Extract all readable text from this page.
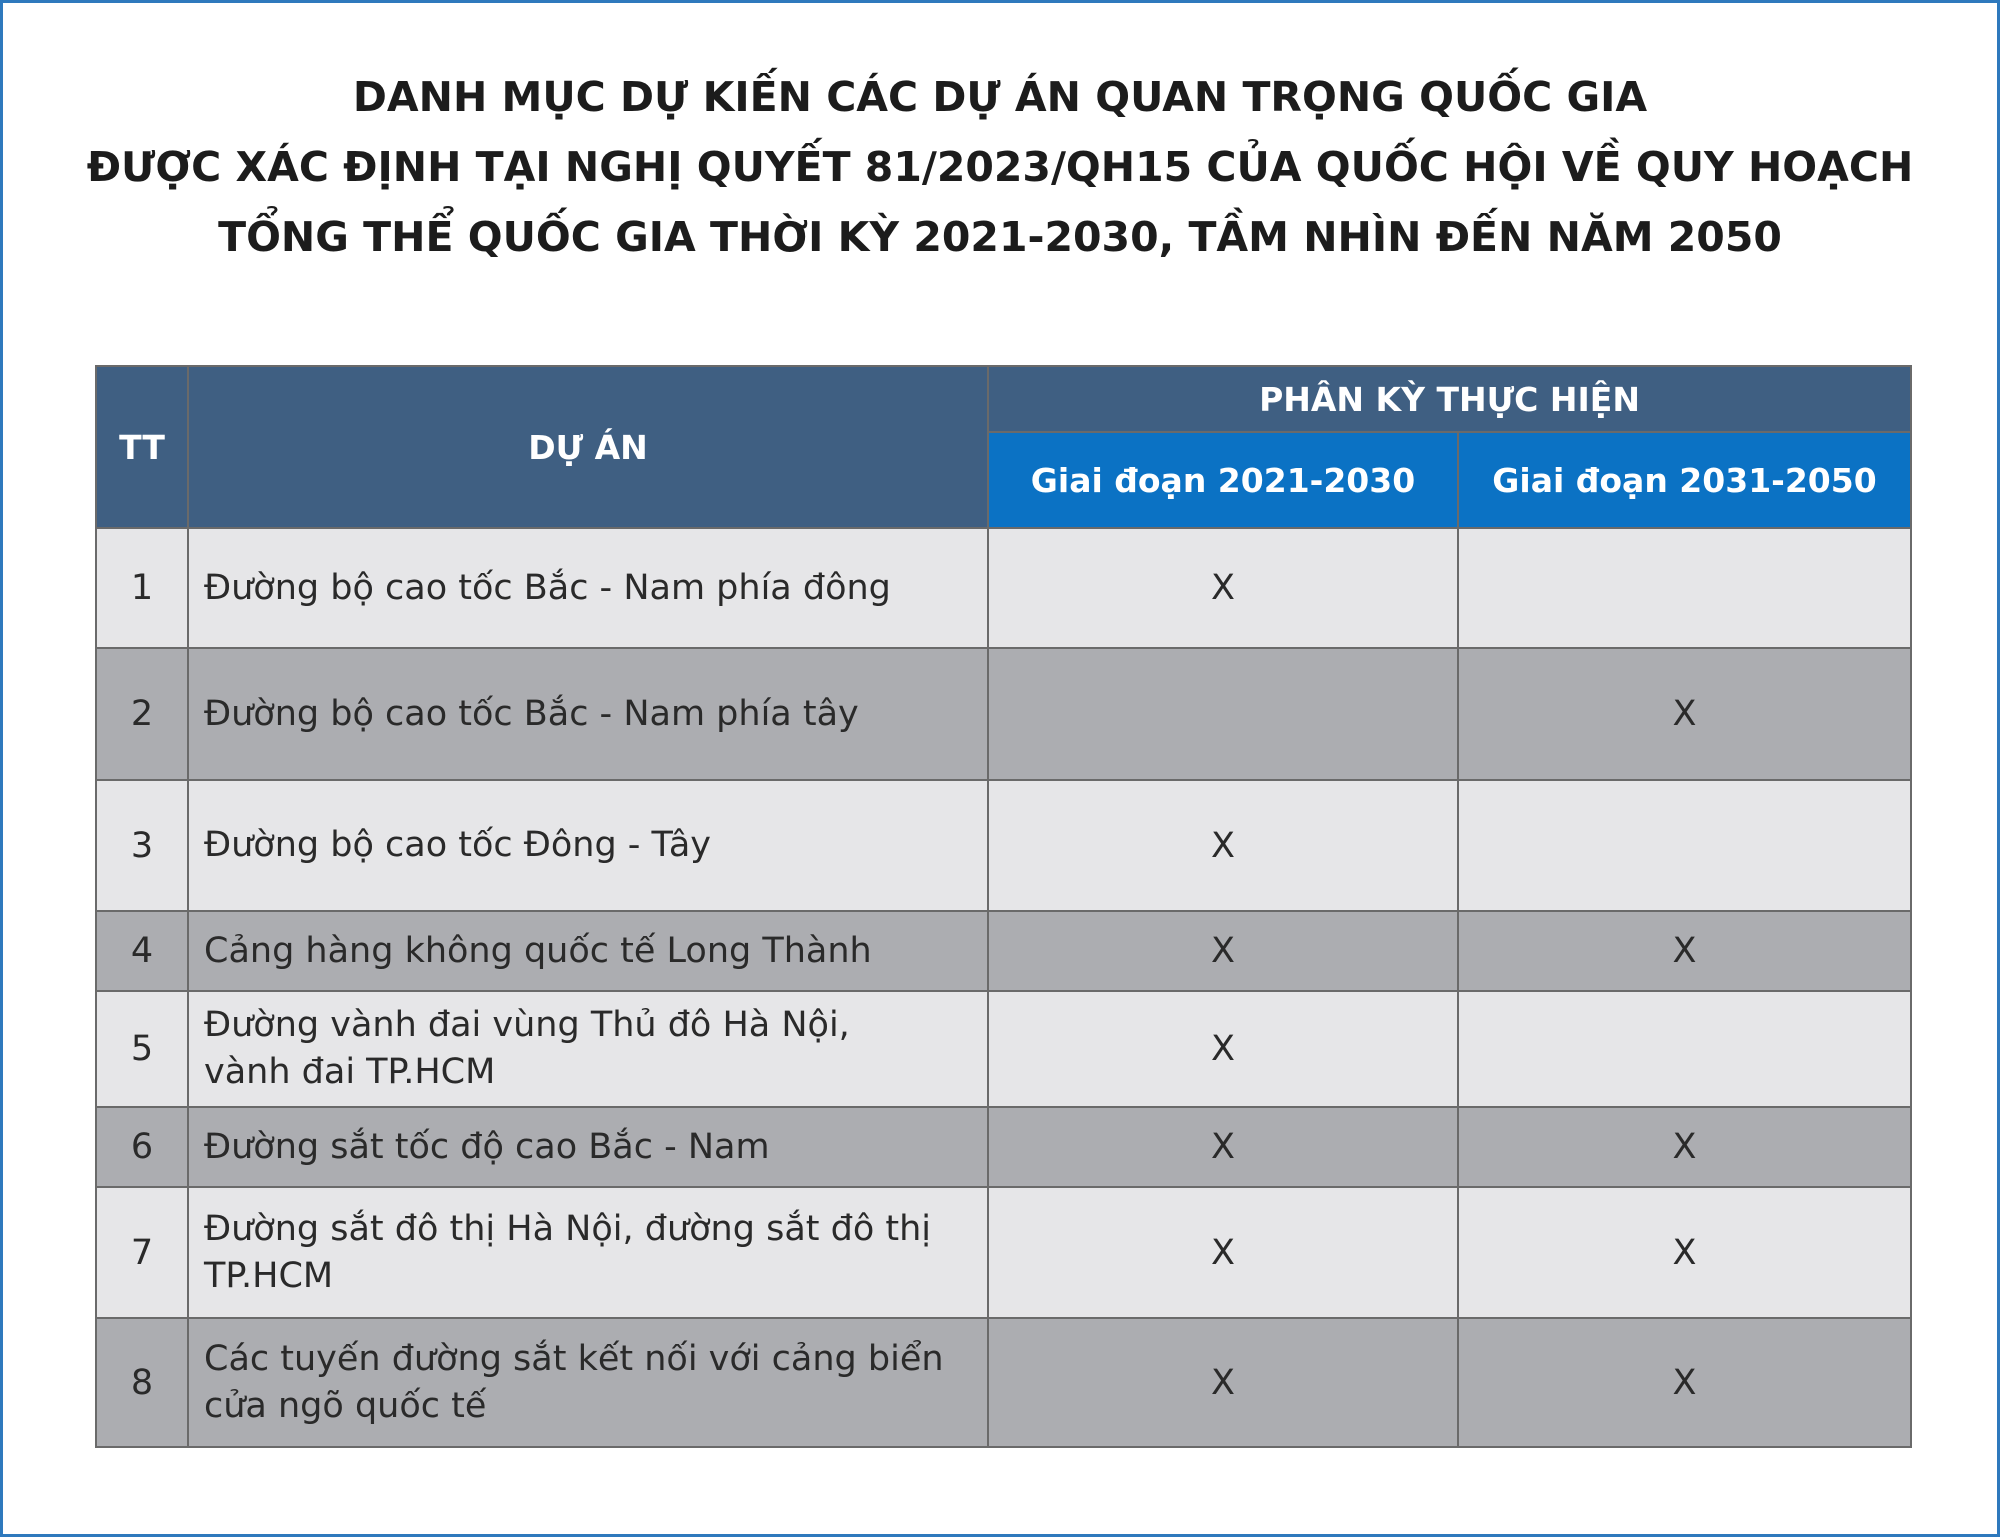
DANH MỤC DỰ KIẾN CÁC DỰ ÁN QUAN TRỌNG QUỐC GIA
ĐƯỢC XÁC ĐỊNH TẠI NGHỊ QUYẾT 81/2023/QH15 CỦA QUỐC HỘI VỀ QUY HOẠCH
TỔNG THỂ QUỐC GIA THỜI KỲ 2021-2030, TẦM NHÌN ĐẾN NĂM 2050
TT	DỰ ÁN	PHÂN KỲ THỰC HIỆN	
		Giai đoạn 2021-2030	Giai đoạn 2031-2050
1	Đường bộ cao tốc Bắc - Nam phía đông	X	
2	Đường bộ cao tốc Bắc - Nam phía tây		X
3	Đường bộ cao tốc Đông - Tây	X	
4	Cảng hàng không quốc tế Long Thành	X	X
5	Đường vành đai vùng Thủ đô Hà Nội,
vành đai TP.HCM	X	
6	Đường sắt tốc độ cao Bắc - Nam	X	X
7	Đường sắt đô thị Hà Nội, đường sắt đô thị
TP.HCM	X	X
8	Các tuyến đường sắt kết nối với cảng biển
cửa ngõ quốc tế	X	X
